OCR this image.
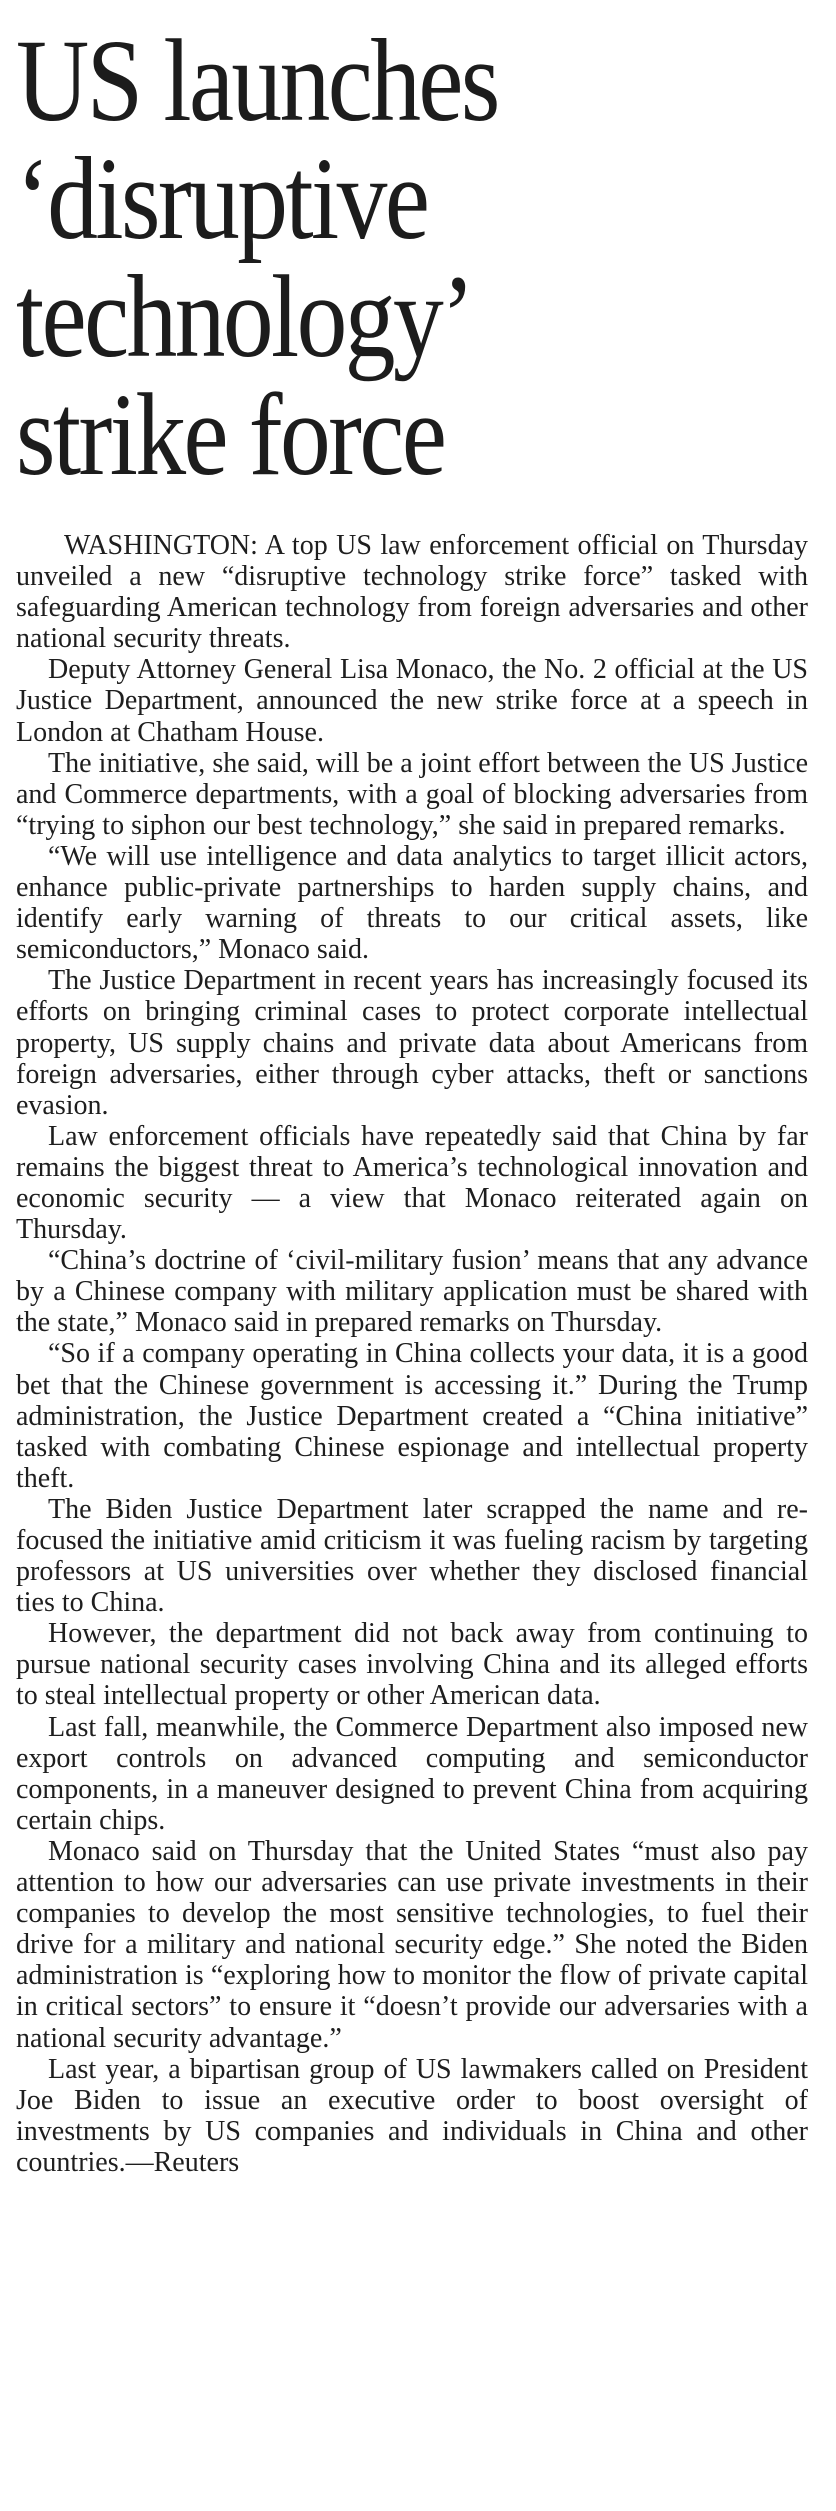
US launches
‘disruptive
technology’
strike force

WASHINGTON: A top US law enforcement official on Thursday unveiled a new “disruptive technology strike force” tasked with safeguarding American technology from foreign adversaries and other national security threats.

Deputy Attorney General Lisa Monaco, the No. 2 official at the US Justice Department, announced the new strike force at a speech in London at Chatham House.

The initiative, she said, will be a joint effort between the US Justice and Commerce departments, with a goal of blocking adversaries from “trying to siphon our best technology,” she said in prepared remarks.

“We will use intelligence and data analytics to target illicit actors, enhance public-private partnerships to harden supply chains, and identify early warning of threats to our critical assets, like semiconductors,” Monaco said.

The Justice Department in recent years has increasingly focused its efforts on bringing criminal cases to protect corporate intellectual property, US supply chains and private data about Americans from foreign adversaries, either through cyber attacks, theft or sanctions evasion.

Law enforcement officials have repeatedly said that China by far remains the biggest threat to America’s technological innovation and economic security — a view that Monaco reiterated again on Thursday.

“China’s doctrine of ‘civil-military fusion’ means that any advance by a Chinese company with military application must be shared with the state,” Monaco said in prepared remarks on Thursday.

“So if a company operating in China collects your data, it is a good bet that the Chinese government is accessing it.” During the Trump administration, the Justice Department created a “China initiative” tasked with combating Chinese espionage and intellectual property theft.

The Biden Justice Department later scrapped the name and re-focused the initiative amid criticism it was fueling racism by targeting professors at US universities over whether they disclosed financial ties to China.

However, the department did not back away from continuing to pursue national security cases involving China and its alleged efforts to steal intellectual property or other American data.

Last fall, meanwhile, the Commerce Department also imposed new export controls on advanced computing and semiconductor components, in a maneuver designed to prevent China from acquiring certain chips.

Monaco said on Thursday that the United States “must also pay attention to how our adversaries can use private investments in their companies to develop the most sensitive technologies, to fuel their drive for a military and national security edge.” She noted the Biden administration is “exploring how to monitor the flow of private capital in critical sectors” to ensure it “doesn’t provide our adversaries with a national security advantage.”

Last year, a bipartisan group of US lawmakers called on President Joe Biden to issue an executive order to boost oversight of investments by US companies and individuals in China and other countries.—Reuters
